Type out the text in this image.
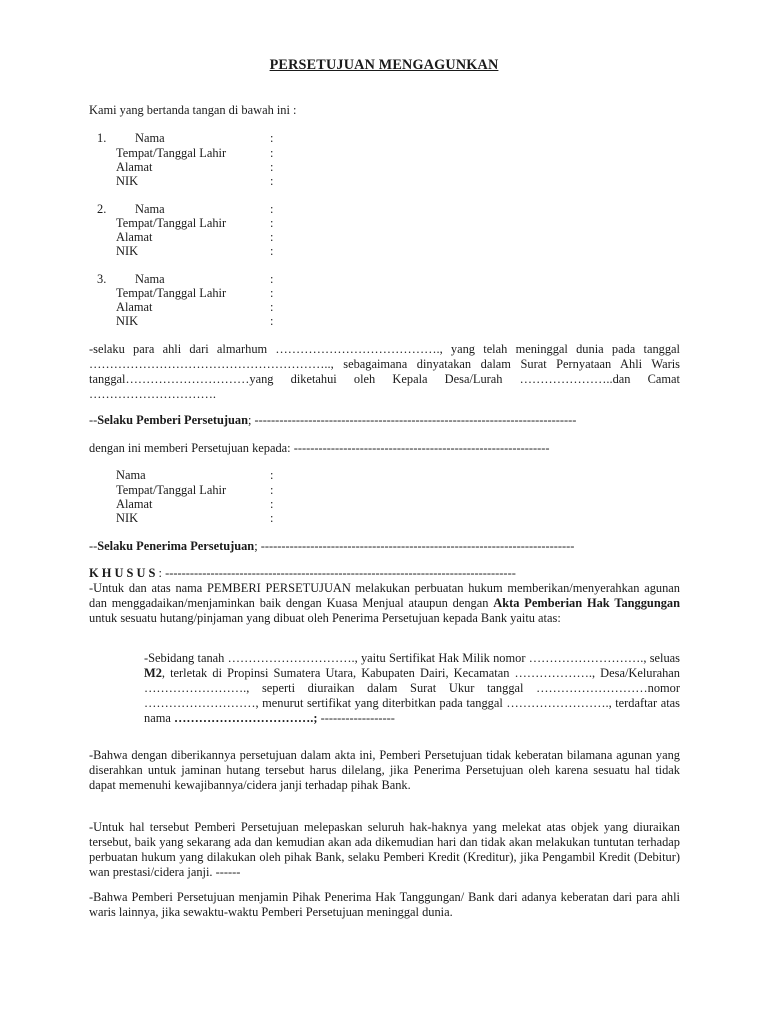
PERSETUJUAN MENGAGUNKAN
Kami yang bertanda tangan di bawah ini :
1. Nama	:
Tempat/Tanggal Lahir	:
Alamat	:
NIK	:
2. Nama	:
Tempat/Tanggal Lahir	:
Alamat	:
NIK	:
3. Nama	:
Tempat/Tanggal Lahir	:
Alamat	:
NIK	:
-selaku para ahli dari almarhum …………………………………., yang telah meninggal dunia pada tanggal ………………………………………………….., sebagaimana dinyatakan dalam Surat Pernyataan Ahli Waris tanggal…………………………yang diketahui oleh Kepala Desa/Lurah …………………..dan Camat ………………………….
--Selaku Pemberi Persetujuan; ------------------------------------------------------------------------------
dengan ini memberi Persetujuan kepada: --------------------------------------------------------------
Nama	:
Tempat/Tanggal Lahir	:
Alamat	:
NIK	:
--Selaku Penerima Persetujuan; ----------------------------------------------------------------------------
K H U S U S : -------------------------------------------------------------------------------------
-Untuk dan atas nama PEMBERI PERSETUJUAN melakukan perbuatan hukum memberikan/menyerahkan agunan dan menggadaikan/menjaminkan baik dengan Kuasa Menjual ataupun dengan Akta Pemberian Hak Tanggungan untuk sesuatu hutang/pinjaman yang dibuat oleh Penerima Persetujuan kepada Bank yaitu atas:
-Sebidang tanah …………………………., yaitu Sertifikat Hak Milik nomor ………………………., seluas M2, terletak di Propinsi Sumatera Utara, Kabupaten Dairi, Kecamatan ………………., Desa/Kelurahan ……………………., seperti diuraikan dalam Surat Ukur tanggal ………………………nomor ………………………, menurut sertifikat yang diterbitkan pada tanggal ……………………., terdaftar atas nama …………………………….; ------------------
-Bahwa dengan diberikannya persetujuan dalam akta ini, Pemberi Persetujuan tidak keberatan bilamana agunan yang diserahkan untuk jaminan hutang tersebut harus dilelang, jika Penerima Persetujuan oleh karena sesuatu hal tidak dapat memenuhi kewajibannya/cidera janji terhadap pihak Bank.
-Untuk hal tersebut Pemberi Persetujuan melepaskan seluruh hak-haknya yang melekat atas objek yang diuraikan tersebut, baik yang sekarang ada dan kemudian akan ada dikemudian hari dan tidak akan melakukan tuntutan terhadap perbuatan hukum yang dilakukan oleh pihak Bank, selaku Pemberi Kredit (Kreditur), jika Pengambil Kredit (Debitur) wan prestasi/cidera janji. ------
-Bahwa Pemberi Persetujuan menjamin Pihak Penerima Hak Tanggungan/ Bank dari adanya keberatan dari para ahli waris lainnya, jika sewaktu-waktu Pemberi Persetujuan meninggal dunia.
